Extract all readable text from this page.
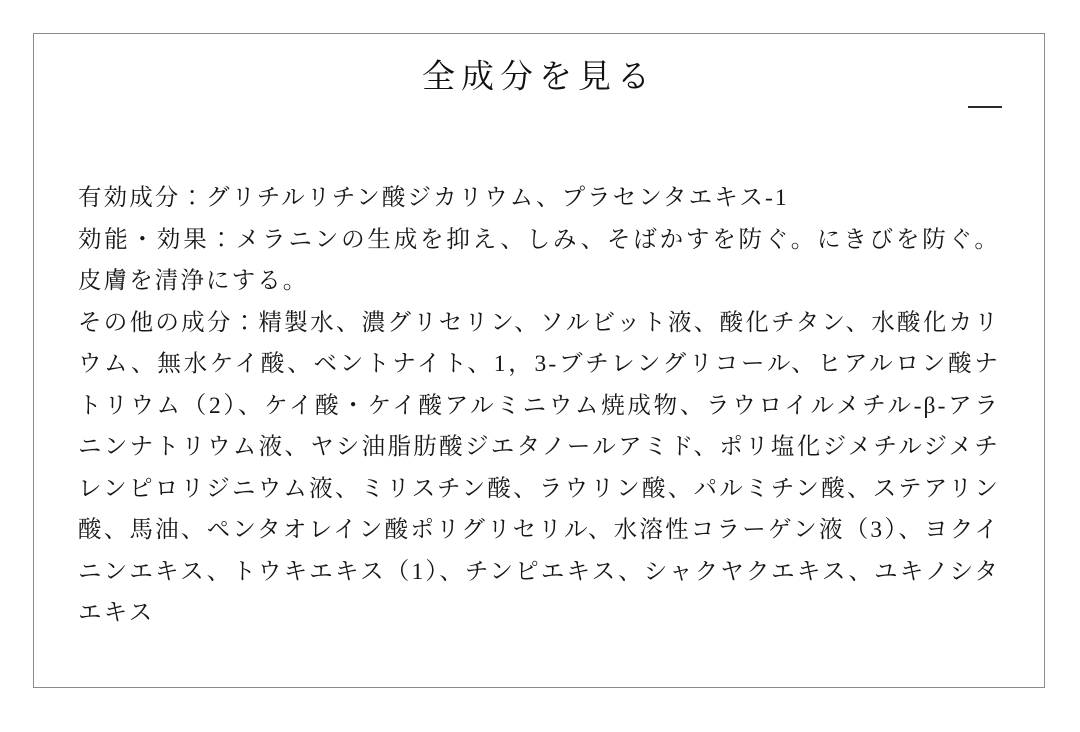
全成分を見る

有効成分：グリチルリチン酸ジカリウム、プラセンタエキス‐1

効能・効果：メラニンの生成を抑え、しみ、そばかすを防ぐ。にきびを防ぐ。皮膚を清浄にする。

その他の成分：精製水、濃グリセリン、ソルビット液、酸化チタン、水酸化カリウム、無水ケイ酸、ベントナイト、1，3‐ブチレングリコール、ヒアルロン酸ナトリウム（2）、ケイ酸・ケイ酸アルミニウム焼成物、ラウロイルメチル‐β‐アラニンナトリウム液、ヤシ油脂肪酸ジエタノールアミド、ポリ塩化ジメチルジメチレンピロリジニウム液、ミリスチン酸、ラウリン酸、パルミチン酸、ステアリン酸、馬油、ペンタオレイン酸ポリグリセリル、水溶性コラーゲン液（3）、ヨクイニンエキス、トウキエキス（1）、チンピエキス、シャクヤクエキス、ユキノシタエキス
